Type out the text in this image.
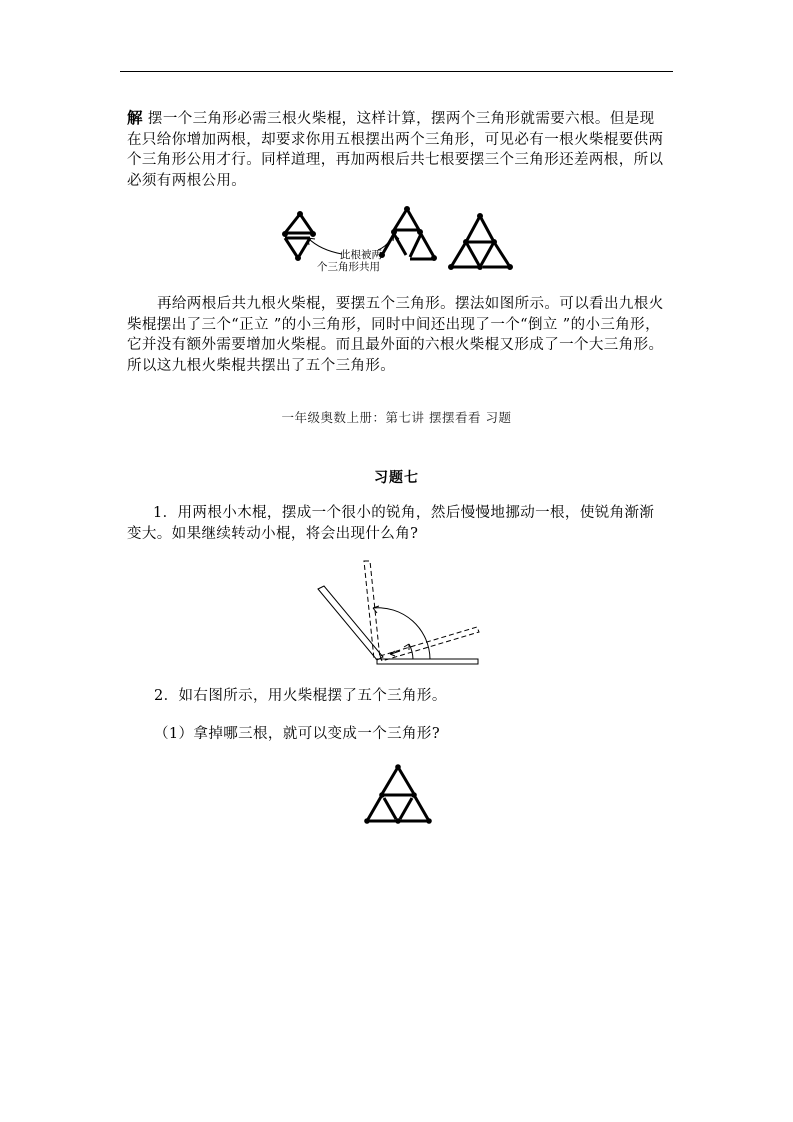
解 摆一个三角形必需三根火柴棍，这样计算，摆两个三角形就需要六根。但是现在只给你增加两根，却要求你用五根摆出两个三角形，可见必有一根火柴棍要供两个三角形公用才行。同样道理，再加两根后共七根要摆三个三角形还差两根，所以必须有两根公用。

此根被两
个三角形共用

再给两根后共九根火柴棍，要摆五个三角形。摆法如图所示。可以看出九根火柴棍摆出了三个“正立 ”的小三角形，同时中间还出现了一个“倒立 ”的小三角形，它并没有额外需要增加火柴棍。而且最外面的六根火柴棍又形成了一个大三角形。所以这九根火柴棍共摆出了五个三角形。

一年级奥数上册：第七讲 摆摆看看 习题
习题七

1．用两根小木棍，摆成一个很小的锐角，然后慢慢地挪动一根，使锐角渐渐变大。如果继续转动小棍，将会出现什么角?

2．如右图所示，用火柴棍摆了五个三角形。
（1）拿掉哪三根，就可以变成一个三角形?
